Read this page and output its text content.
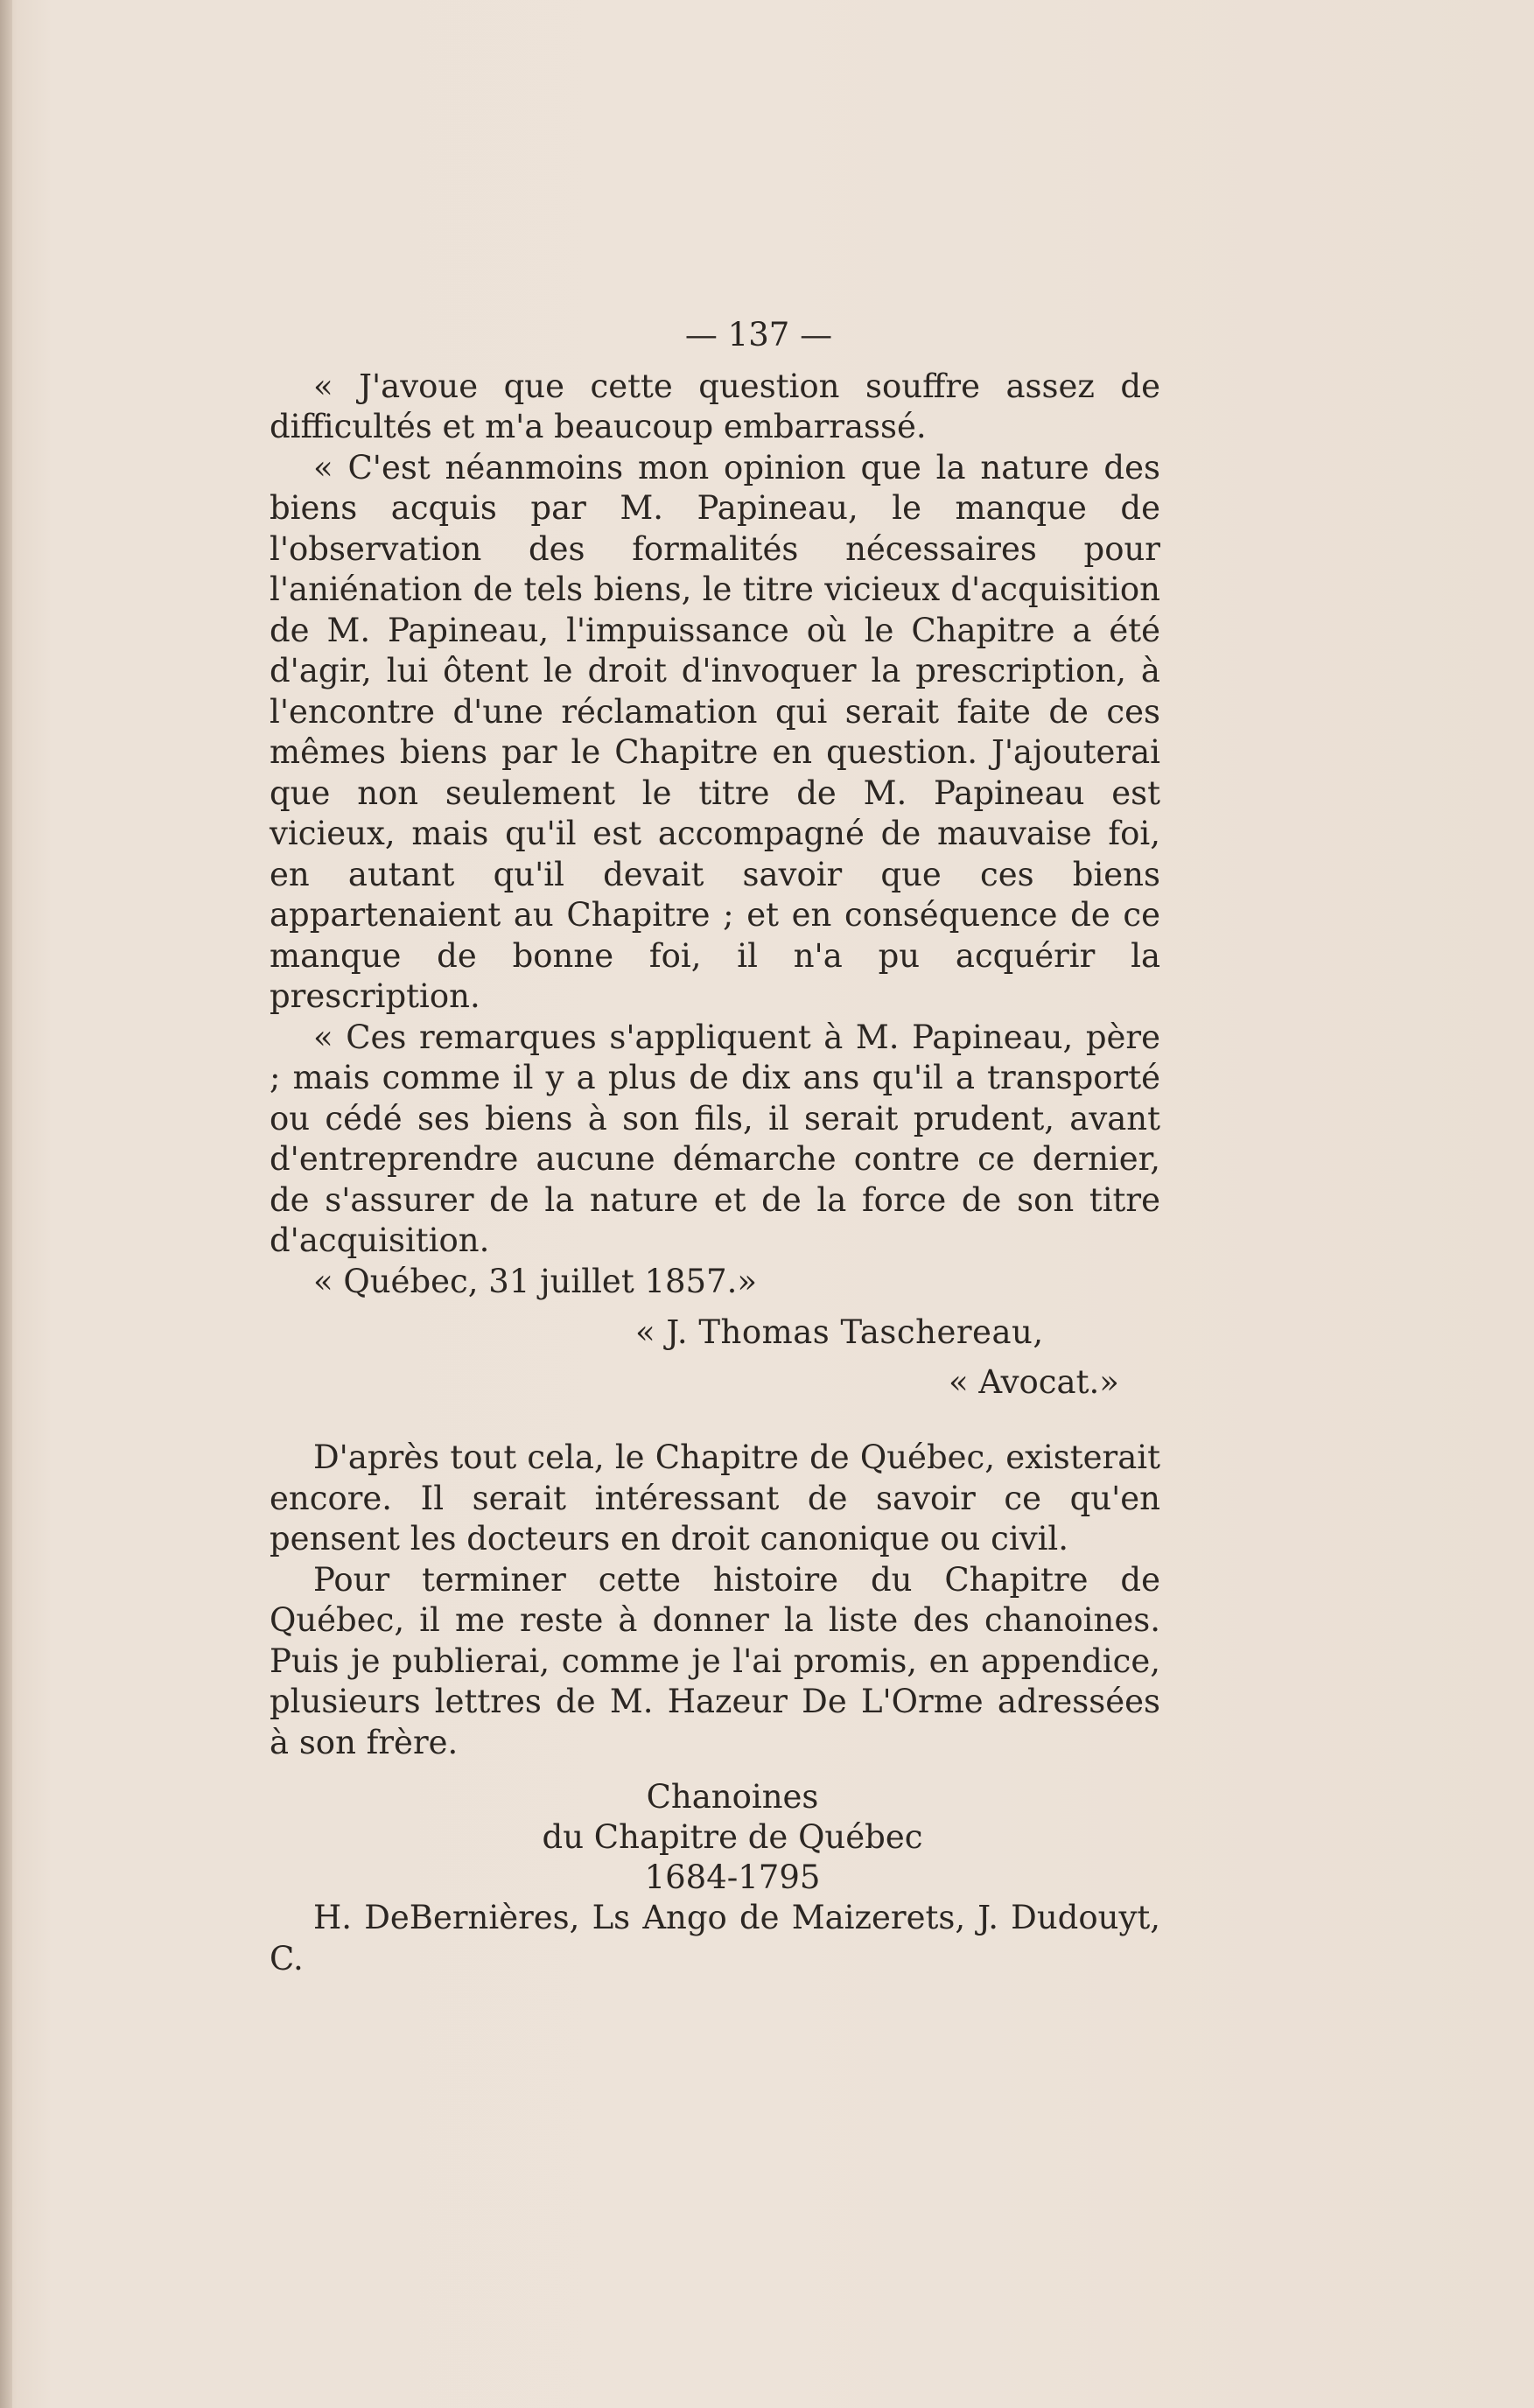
— 137 —

« J'avoue que cette question souffre assez de difficultés et m'a beaucoup embarrassé.

« C'est néanmoins mon opinion que la nature des biens acquis par M. Papineau, le manque de l'observation des formalités nécessaires pour l'aniénation de tels biens, le titre vicieux d'acquisition de M. Papineau, l'impuissance où le Chapitre a été d'agir, lui ôtent le droit d'invoquer la prescription, à l'encontre d'une réclamation qui serait faite de ces mêmes biens par le Chapitre en question. J'ajouterai que non seulement le titre de M. Papineau est vicieux, mais qu'il est accompagné de mauvaise foi, en autant qu'il devait savoir que ces biens appartenaient au Chapitre ; et en conséquence de ce manque de bonne foi, il n'a pu acquérir la prescription.

« Ces remarques s'appliquent à M. Papineau, père ; mais comme il y a plus de dix ans qu'il a transporté ou cédé ses biens à son fils, il serait prudent, avant d'entreprendre aucune démarche contre ce dernier, de s'assurer de la nature et de la force de son titre d'acquisition.

« Québec, 31 juillet 1857.»

« J. Thomas Taschereau,
« Avocat.»

D'après tout cela, le Chapitre de Québec, existerait encore. Il serait intéressant de savoir ce qu'en pensent les docteurs en droit canonique ou civil.

Pour terminer cette histoire du Chapitre de Québec, il me reste à donner la liste des chanoines. Puis je publierai, comme je l'ai promis, en appendice, plusieurs lettres de M. Hazeur De L'Orme adressées à son frère.

Chanoines
du Chapitre de Québec
1684-1795

H. DeBernières, Ls Ango de Maizerets, J. Dudouyt, C.
